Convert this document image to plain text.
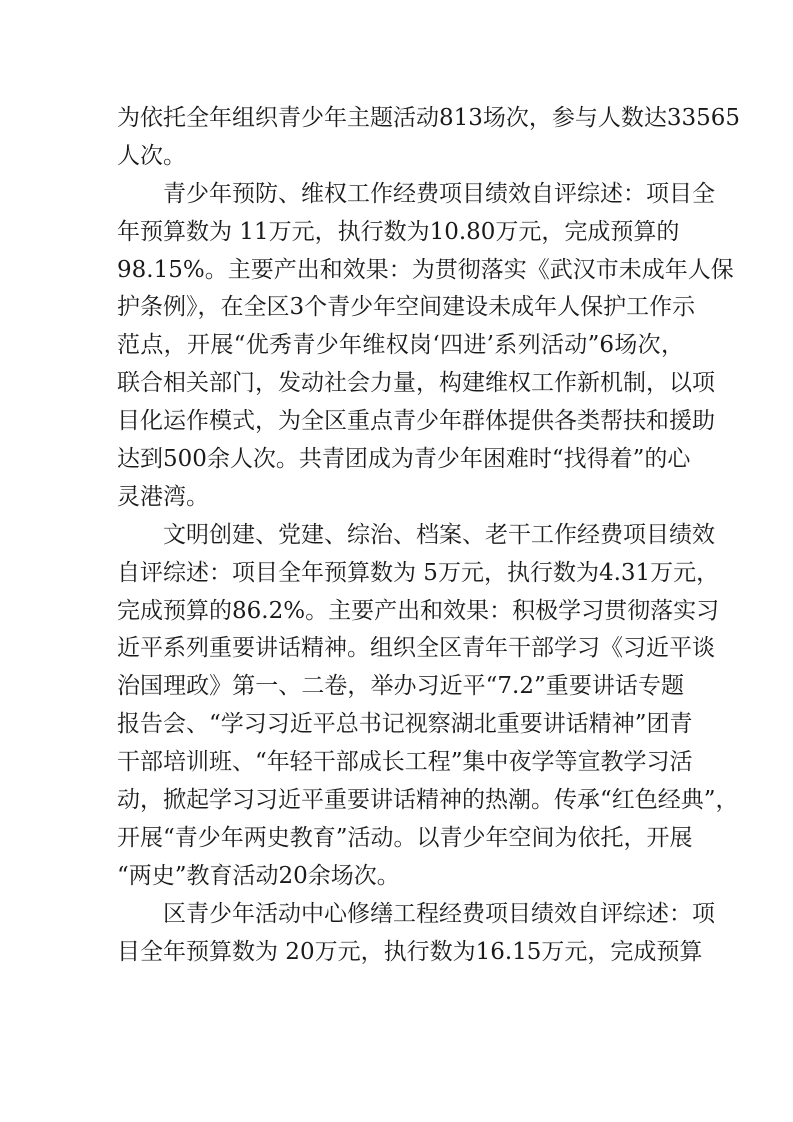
为依托全年组织青少年主题活动813场次，参与人数达33565
人次。
青少年预防、维权工作经费项目绩效自评综述：项目全
年预算数为 11万元，执行数为10.80万元，完成预算的
98.15%。主要产出和效果：为贯彻落实《武汉市未成年人保
护条例》，在全区3个青少年空间建设未成年人保护工作示
范点，开展“优秀青少年维权岗‘四进’系列活动”6场次，
联合相关部门，发动社会力量，构建维权工作新机制，以项
目化运作模式，为全区重点青少年群体提供各类帮扶和援助
达到500余人次。共青团成为青少年困难时“找得着”的心
灵港湾。
文明创建、党建、综治、档案、老干工作经费项目绩效
自评综述：项目全年预算数为 5万元，执行数为4.31万元，
完成预算的86.2%。主要产出和效果：积极学习贯彻落实习
近平系列重要讲话精神。组织全区青年干部学习《习近平谈
治国理政》第一、二卷，举办习近平“7.2”重要讲话专题
报告会、“学习习近平总书记视察湖北重要讲话精神”团青
干部培训班、“年轻干部成长工程”集中夜学等宣教学习活
动，掀起学习习近平重要讲话精神的热潮。传承“红色经典”，
开展“青少年两史教育”活动。以青少年空间为依托，开展
“两史”教育活动20余场次。
区青少年活动中心修缮工程经费项目绩效自评综述：项
目全年预算数为 20万元，执行数为16.15万元，完成预算
